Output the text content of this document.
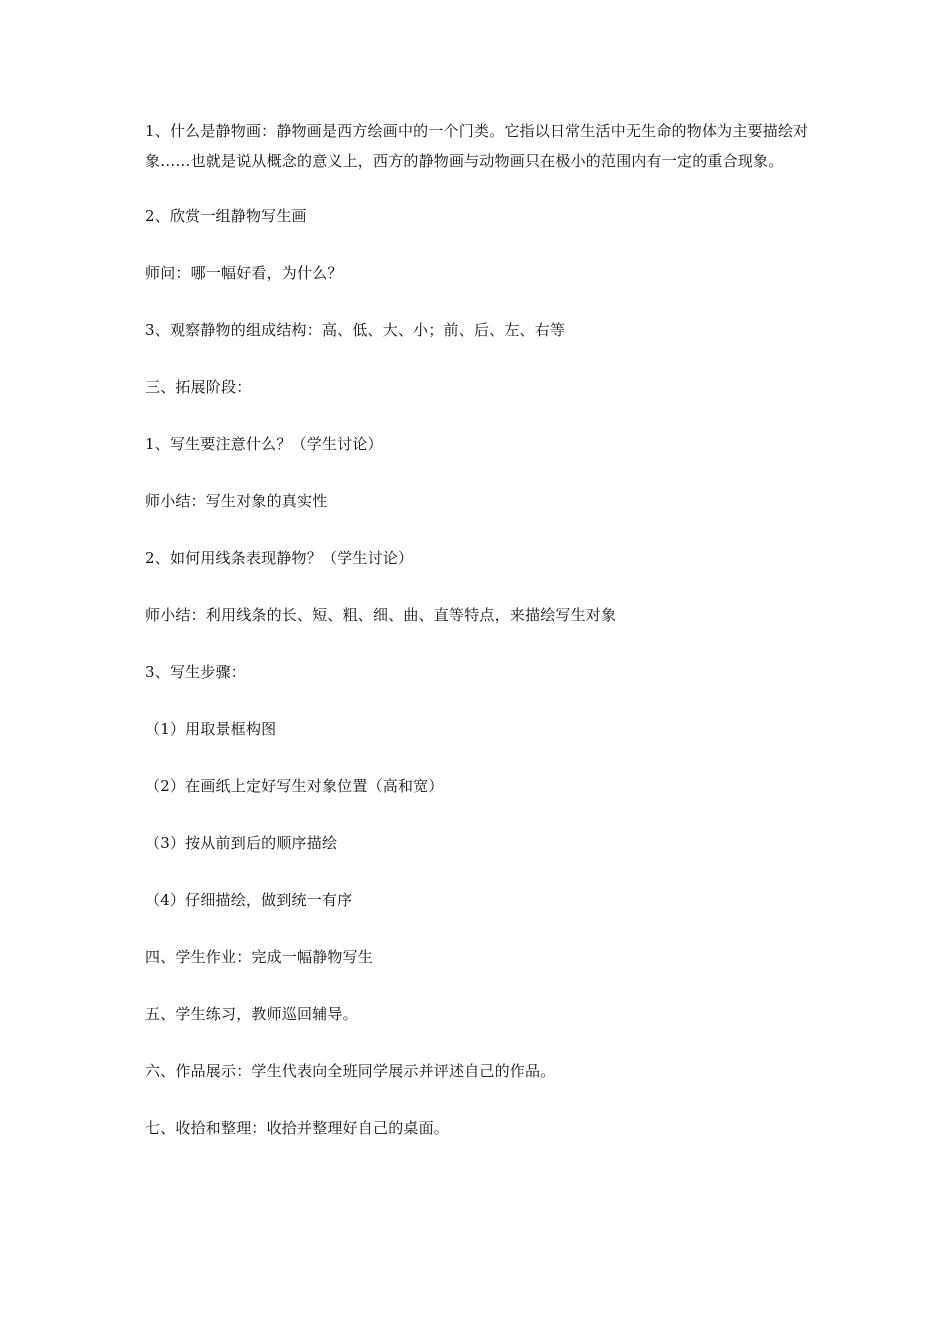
1、什么是静物画：静物画是西方绘画中的一个门类。它指以日常生活中无生命的物体为主要描绘对象……也就是说从概念的意义上，西方的静物画与动物画只在极小的范围内有一定的重合现象。

2、欣赏一组静物写生画

师问：哪一幅好看，为什么？

3、观察静物的组成结构：高、低、大、小；前、后、左、右等

三、拓展阶段：

1、写生要注意什么？（学生讨论）

师小结：写生对象的真实性

2、如何用线条表现静物？（学生讨论）

师小结：利用线条的长、短、粗、细、曲、直等特点，来描绘写生对象

3、写生步骤：

（1）用取景框构图

（2）在画纸上定好写生对象位置（高和宽）

（3）按从前到后的顺序描绘

（4）仔细描绘，做到统一有序

四、学生作业：完成一幅静物写生

五、学生练习，教师巡回辅导。

六、作品展示：学生代表向全班同学展示并评述自己的作品。

七、收拾和整理：收拾并整理好自己的桌面。
